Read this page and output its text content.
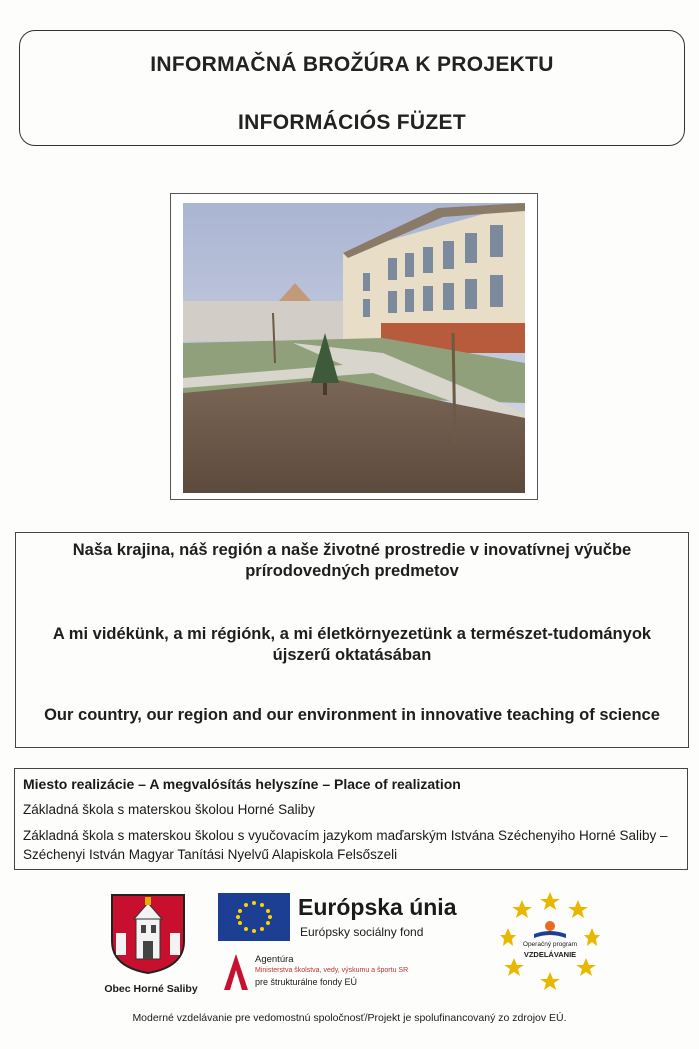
INFORMAČNÁ BROŽÚRA K PROJEKTU
INFORMÁCIÓS FÜZET

Naša krajina, náš región a naše životné prostredie v inovatívnej výučbe prírodovedných predmetov

A mi vidékünk, a mi régiónk, a mi életkörnyezetünk a természet-tudományok újszerű oktatásában

Our country, our region and our environment in innovative teaching of science

Miesto realizácie – A megvalósítás helyszíne – Place of realization
Základná škola s materskou školou Horné Saliby
Základná škola s materskou školou s vyučovacím jazykom maďarským Istvána Széchenyiho Horné Saliby – Széchenyi István Magyar Tanítási Nyelvű Alapiskola Felsőszeli
Obec Horné Saliby
Európska únia
Európsky sociálny fond
Agentúra
Ministerstva školstva, vedy, výskumu a športu SR
pre štrukturálne fondy EÚ
Operačný program
VZDELÁVANIE
Moderné vzdelávanie pre vedomostnú spoločnosť/Projekt je spolufinancovaný zo zdrojov EÚ.
